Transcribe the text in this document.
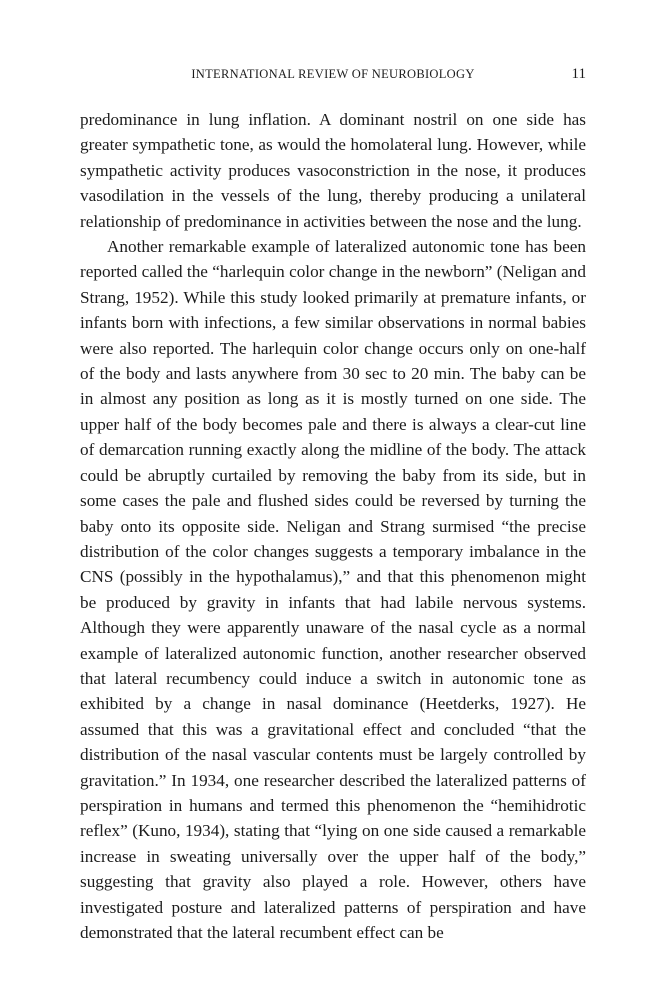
INTERNATIONAL REVIEW OF NEUROBIOLOGY	11

predominance in lung inflation. A dominant nostril on one side has greater sympathetic tone, as would the homolateral lung. However, while sympathetic activity produces vasoconstriction in the nose, it produces vasodilation in the vessels of the lung, thereby producing a unilateral relationship of predominance in activities between the nose and the lung.

Another remarkable example of lateralized autonomic tone has been reported called the “harlequin color change in the newborn” (Neligan and Strang, 1952). While this study looked primarily at premature infants, or infants born with infections, a few similar observations in normal babies were also reported. The harlequin color change occurs only on one-half of the body and lasts anywhere from 30 sec to 20 min. The baby can be in almost any position as long as it is mostly turned on one side. The upper half of the body becomes pale and there is always a clear-cut line of demarcation running exactly along the midline of the body. The attack could be abruptly curtailed by removing the baby from its side, but in some cases the pale and flushed sides could be reversed by turning the baby onto its opposite side. Neligan and Strang surmised “the precise distribution of the color changes suggests a temporary imbalance in the CNS (possibly in the hypothalamus),” and that this phenomenon might be produced by gravity in infants that had labile nervous systems. Although they were apparently unaware of the nasal cycle as a normal example of lateralized autonomic function, another researcher observed that lateral recumbency could induce a switch in autonomic tone as exhibited by a change in nasal dominance (Heetderks, 1927). He assumed that this was a gravitational effect and concluded “that the distribution of the nasal vascular contents must be largely controlled by gravitation.” In 1934, one researcher described the lateralized patterns of perspiration in humans and termed this phenomenon the “hemihidrotic reflex” (Kuno, 1934), stating that “lying on one side caused a remarkable increase in sweating universally over the upper half of the body,” suggesting that gravity also played a role. However, others have investigated posture and lateralized patterns of perspiration and have demonstrated that the lateral recumbent effect can be
